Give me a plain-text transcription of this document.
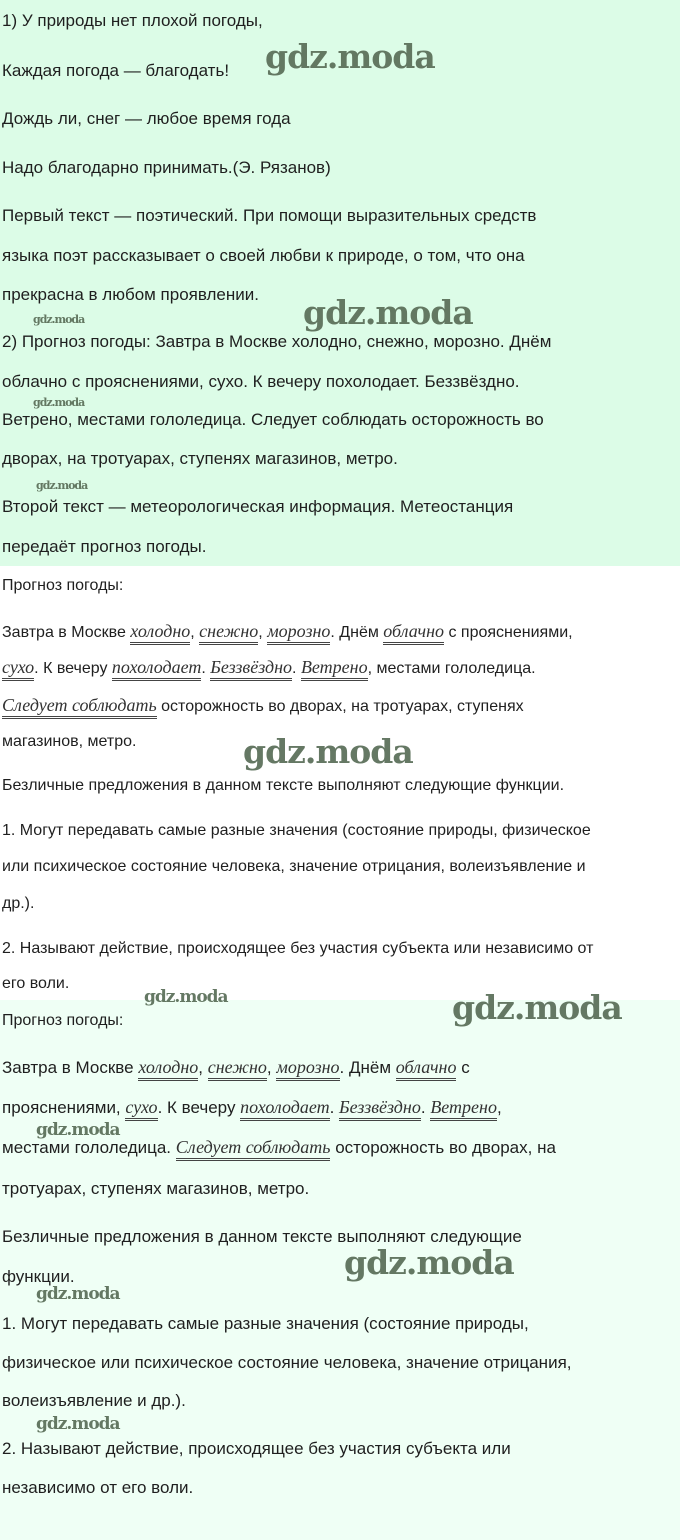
1) У природы нет плохой погоды,
Каждая погода — благодать!
Дождь ли, снег — любое время года
Надо благодарно принимать.(Э. Рязанов)
Первый текст — поэтический. При помощи выразительных средств
языка поэт рассказывает о своей любви к природе, о том, что она
прекрасна в любом проявлении.
2) Прогноз погоды: Завтра в Москве холодно, снежно, морозно. Днём
облачно с прояснениями, сухо. К вечеру похолодает. Беззвёздно.
Ветрено, местами гололедица. Следует соблюдать осторожность во
дворах, на тротуарах, ступенях магазинов, метро.
Второй текст — метеорологическая информация. Метеостанция
передаёт прогноз погоды.
Прогноз погоды:
Завтра в Москве холодно, снежно, морозно. Днём облачно с прояснениями,
сухо. К вечеру похолодает. Беззвёздно. Ветрено, местами гололедица.
Следует соблюдать осторожность во дворах, на тротуарах, ступенях
магазинов, метро.
Безличные предложения в данном тексте выполняют следующие функции.
1. Могут передавать самые разные значения (состояние природы, физическое
или психическое состояние человека, значение отрицания, волеизъявление и
др.).
2. Называют действие, происходящее без участия субъекта или независимо от
его воли.
Прогноз погоды:
Завтра в Москве холодно, снежно, морозно. Днём облачно с
прояснениями, сухо. К вечеру похолодает. Беззвёздно. Ветрено,
местами гололедица. Следует соблюдать осторожность во дворах, на
тротуарах, ступенях магазинов, метро.
Безличные предложения в данном тексте выполняют следующие
функции.
1. Могут передавать самые разные значения (состояние природы,
физическое или психическое состояние человека, значение отрицания,
волеизъявление и др.).
2. Называют действие, происходящее без участия субъекта или
независимо от его воли.
gdz.moda
gdz.moda
gdz.moda
gdz.moda
gdz.moda
gdz.moda
gdz.moda	gdz.moda
gdz.moda
gdz.moda
gdz.moda
gdz.moda
